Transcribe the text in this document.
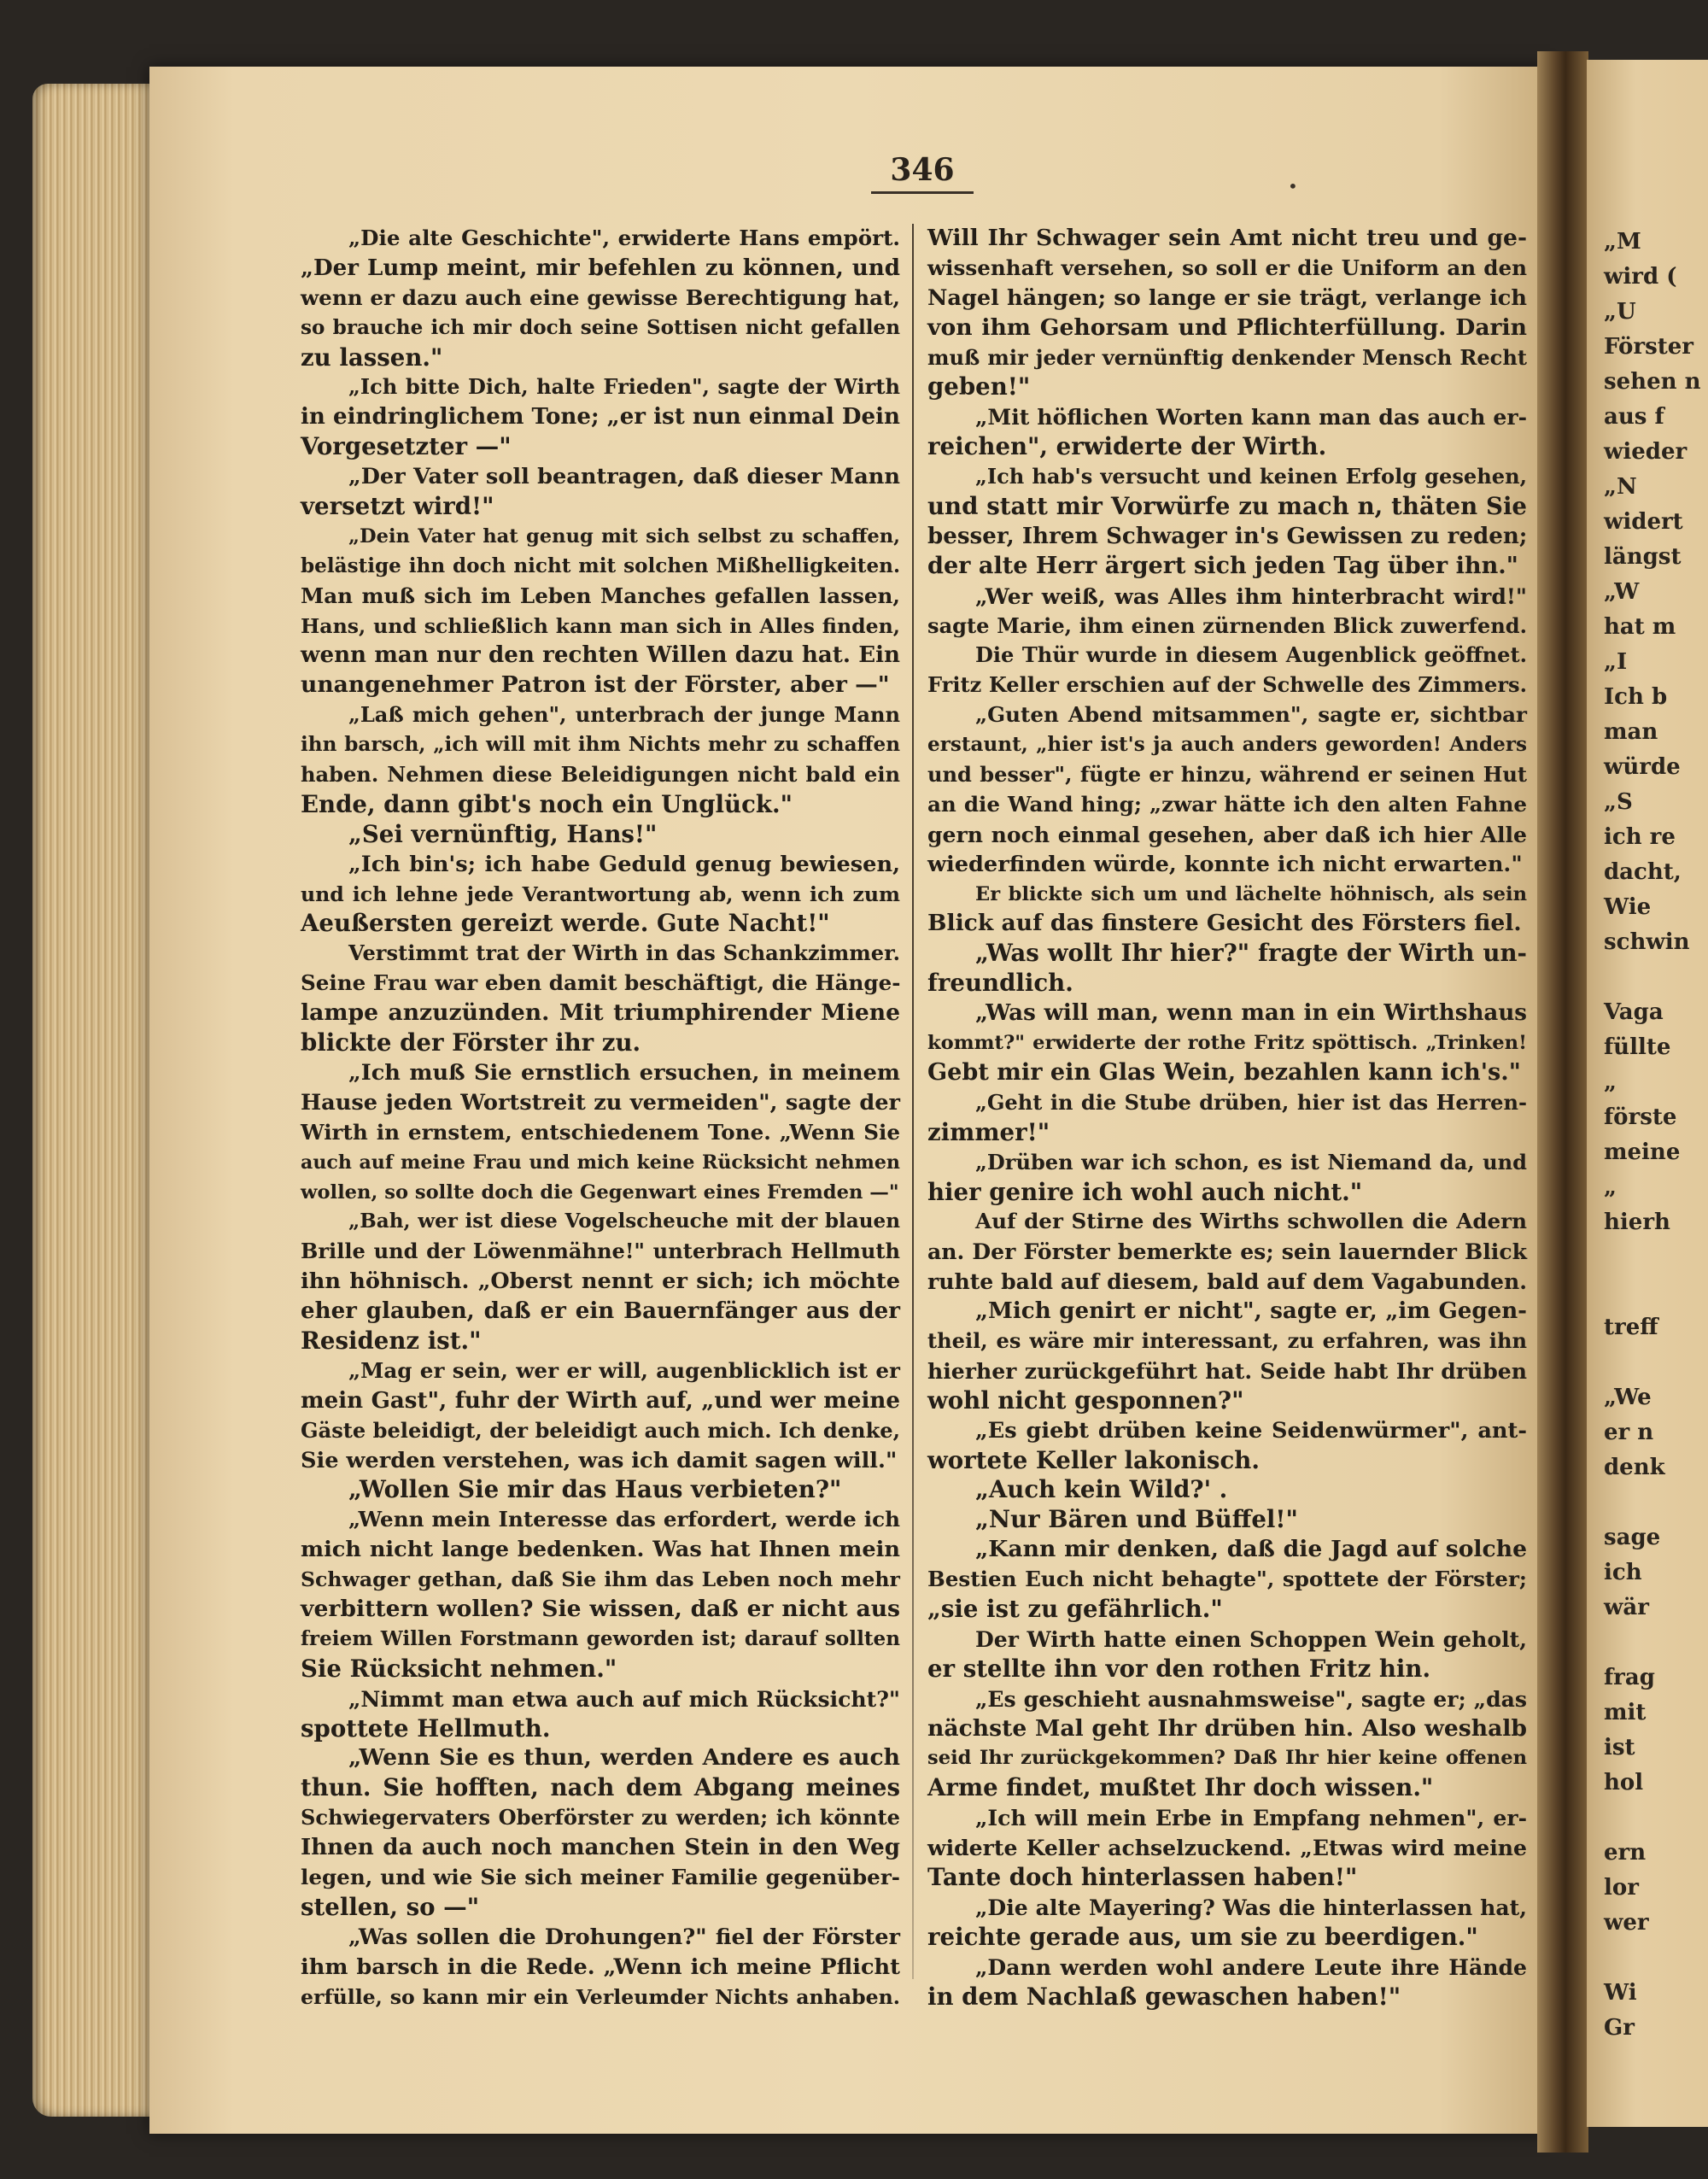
„M
wird (
„U
Förster
sehen n
aus f
wieder
„N
widert
längst
„W
hat m
„I
Ich b
man
würde
„S
ich re
dacht,
Wie
schwin
Vaga
füllte
„
förste
meine
„
hierh
treff
„We
er n
denk
sage
ich
wär
frag
mit
ist
hol
ern
lor
wer
Wi
Gr
346	•
„Die alte Geschichte", erwiderte Hans empört.
„Der Lump meint, mir befehlen zu können, und
wenn er dazu auch eine gewisse Berechtigung hat,
so brauche ich mir doch seine Sottisen nicht gefallen
zu lassen."
„Ich bitte Dich, halte Frieden", sagte der Wirth
in eindringlichem Tone; „er ist nun einmal Dein
Vorgesetzter —"
„Der Vater soll beantragen, daß dieser Mann
versetzt wird!"
„Dein Vater hat genug mit sich selbst zu schaffen,
belästige ihn doch nicht mit solchen Mißhelligkeiten.
Man muß sich im Leben Manches gefallen lassen,
Hans, und schließlich kann man sich in Alles finden,
wenn man nur den rechten Willen dazu hat. Ein
unangenehmer Patron ist der Förster, aber —"
„Laß mich gehen", unterbrach der junge Mann
ihn barsch, „ich will mit ihm Nichts mehr zu schaffen
haben. Nehmen diese Beleidigungen nicht bald ein
Ende, dann gibt's noch ein Unglück."
„Sei vernünftig, Hans!"
„Ich bin's; ich habe Geduld genug bewiesen,
und ich lehne jede Verantwortung ab, wenn ich zum
Aeußersten gereizt werde. Gute Nacht!"
Verstimmt trat der Wirth in das Schankzimmer.
Seine Frau war eben damit beschäftigt, die Hänge-
lampe anzuzünden. Mit triumphirender Miene
blickte der Förster ihr zu.
„Ich muß Sie ernstlich ersuchen, in meinem
Hause jeden Wortstreit zu vermeiden", sagte der
Wirth in ernstem, entschiedenem Tone. „Wenn Sie
auch auf meine Frau und mich keine Rücksicht nehmen
wollen, so sollte doch die Gegenwart eines Fremden —"
„Bah, wer ist diese Vogelscheuche mit der blauen
Brille und der Löwenmähne!" unterbrach Hellmuth
ihn höhnisch. „Oberst nennt er sich; ich möchte
eher glauben, daß er ein Bauernfänger aus der
Residenz ist."
„Mag er sein, wer er will, augenblicklich ist er
mein Gast", fuhr der Wirth auf, „und wer meine
Gäste beleidigt, der beleidigt auch mich. Ich denke,
Sie werden verstehen, was ich damit sagen will."
„Wollen Sie mir das Haus verbieten?"
„Wenn mein Interesse das erfordert, werde ich
mich nicht lange bedenken. Was hat Ihnen mein
Schwager gethan, daß Sie ihm das Leben noch mehr
verbittern wollen? Sie wissen, daß er nicht aus
freiem Willen Forstmann geworden ist; darauf sollten
Sie Rücksicht nehmen."
„Nimmt man etwa auch auf mich Rücksicht?"
spottete Hellmuth.
„Wenn Sie es thun, werden Andere es auch
thun. Sie hofften, nach dem Abgang meines
Schwiegervaters Oberförster zu werden; ich könnte
Ihnen da auch noch manchen Stein in den Weg
legen, und wie Sie sich meiner Familie gegenüber-
stellen, so —"
„Was sollen die Drohungen?" fiel der Förster
ihm barsch in die Rede. „Wenn ich meine Pflicht
erfülle, so kann mir ein Verleumder Nichts anhaben.
Will Ihr Schwager sein Amt nicht treu und ge-
wissenhaft versehen, so soll er die Uniform an den
Nagel hängen; so lange er sie trägt, verlange ich
von ihm Gehorsam und Pflichterfüllung. Darin
muß mir jeder vernünftig denkender Mensch Recht
geben!"
„Mit höflichen Worten kann man das auch er-
reichen", erwiderte der Wirth.
„Ich hab's versucht und keinen Erfolg gesehen,
und statt mir Vorwürfe zu mach n, thäten Sie
besser, Ihrem Schwager in's Gewissen zu reden;
der alte Herr ärgert sich jeden Tag über ihn."
„Wer weiß, was Alles ihm hinterbracht wird!"
sagte Marie, ihm einen zürnenden Blick zuwerfend.
Die Thür wurde in diesem Augenblick geöffnet.
Fritz Keller erschien auf der Schwelle des Zimmers.
„Guten Abend mitsammen", sagte er, sichtbar
erstaunt, „hier ist's ja auch anders geworden! Anders
und besser", fügte er hinzu, während er seinen Hut
an die Wand hing; „zwar hätte ich den alten Fahne
gern noch einmal gesehen, aber daß ich hier Alle
wiederfinden würde, konnte ich nicht erwarten."
Er blickte sich um und lächelte höhnisch, als sein
Blick auf das finstere Gesicht des Försters fiel.
„Was wollt Ihr hier?" fragte der Wirth un-
freundlich.
„Was will man, wenn man in ein Wirthshaus
kommt?" erwiderte der rothe Fritz spöttisch. „Trinken!
Gebt mir ein Glas Wein, bezahlen kann ich's."
„Geht in die Stube drüben, hier ist das Herren-
zimmer!"
„Drüben war ich schon, es ist Niemand da, und
hier genire ich wohl auch nicht."
Auf der Stirne des Wirths schwollen die Adern
an. Der Förster bemerkte es; sein lauernder Blick
ruhte bald auf diesem, bald auf dem Vagabunden.
„Mich genirt er nicht", sagte er, „im Gegen-
theil, es wäre mir interessant, zu erfahren, was ihn
hierher zurückgeführt hat. Seide habt Ihr drüben
wohl nicht gesponnen?"
„Es giebt drüben keine Seidenwürmer", ant-
wortete Keller lakonisch.
„Auch kein Wild?' .
„Nur Bären und Büffel!"
„Kann mir denken, daß die Jagd auf solche
Bestien Euch nicht behagte", spottete der Förster;
„sie ist zu gefährlich."
Der Wirth hatte einen Schoppen Wein geholt,
er stellte ihn vor den rothen Fritz hin.
„Es geschieht ausnahmsweise", sagte er; „das
nächste Mal geht Ihr drüben hin. Also weshalb
seid Ihr zurückgekommen? Daß Ihr hier keine offenen
Arme findet, mußtet Ihr doch wissen."
„Ich will mein Erbe in Empfang nehmen", er-
widerte Keller achselzuckend. „Etwas wird meine
Tante doch hinterlassen haben!"
„Die alte Mayering? Was die hinterlassen hat,
reichte gerade aus, um sie zu beerdigen."
„Dann werden wohl andere Leute ihre Hände
in dem Nachlaß gewaschen haben!"
